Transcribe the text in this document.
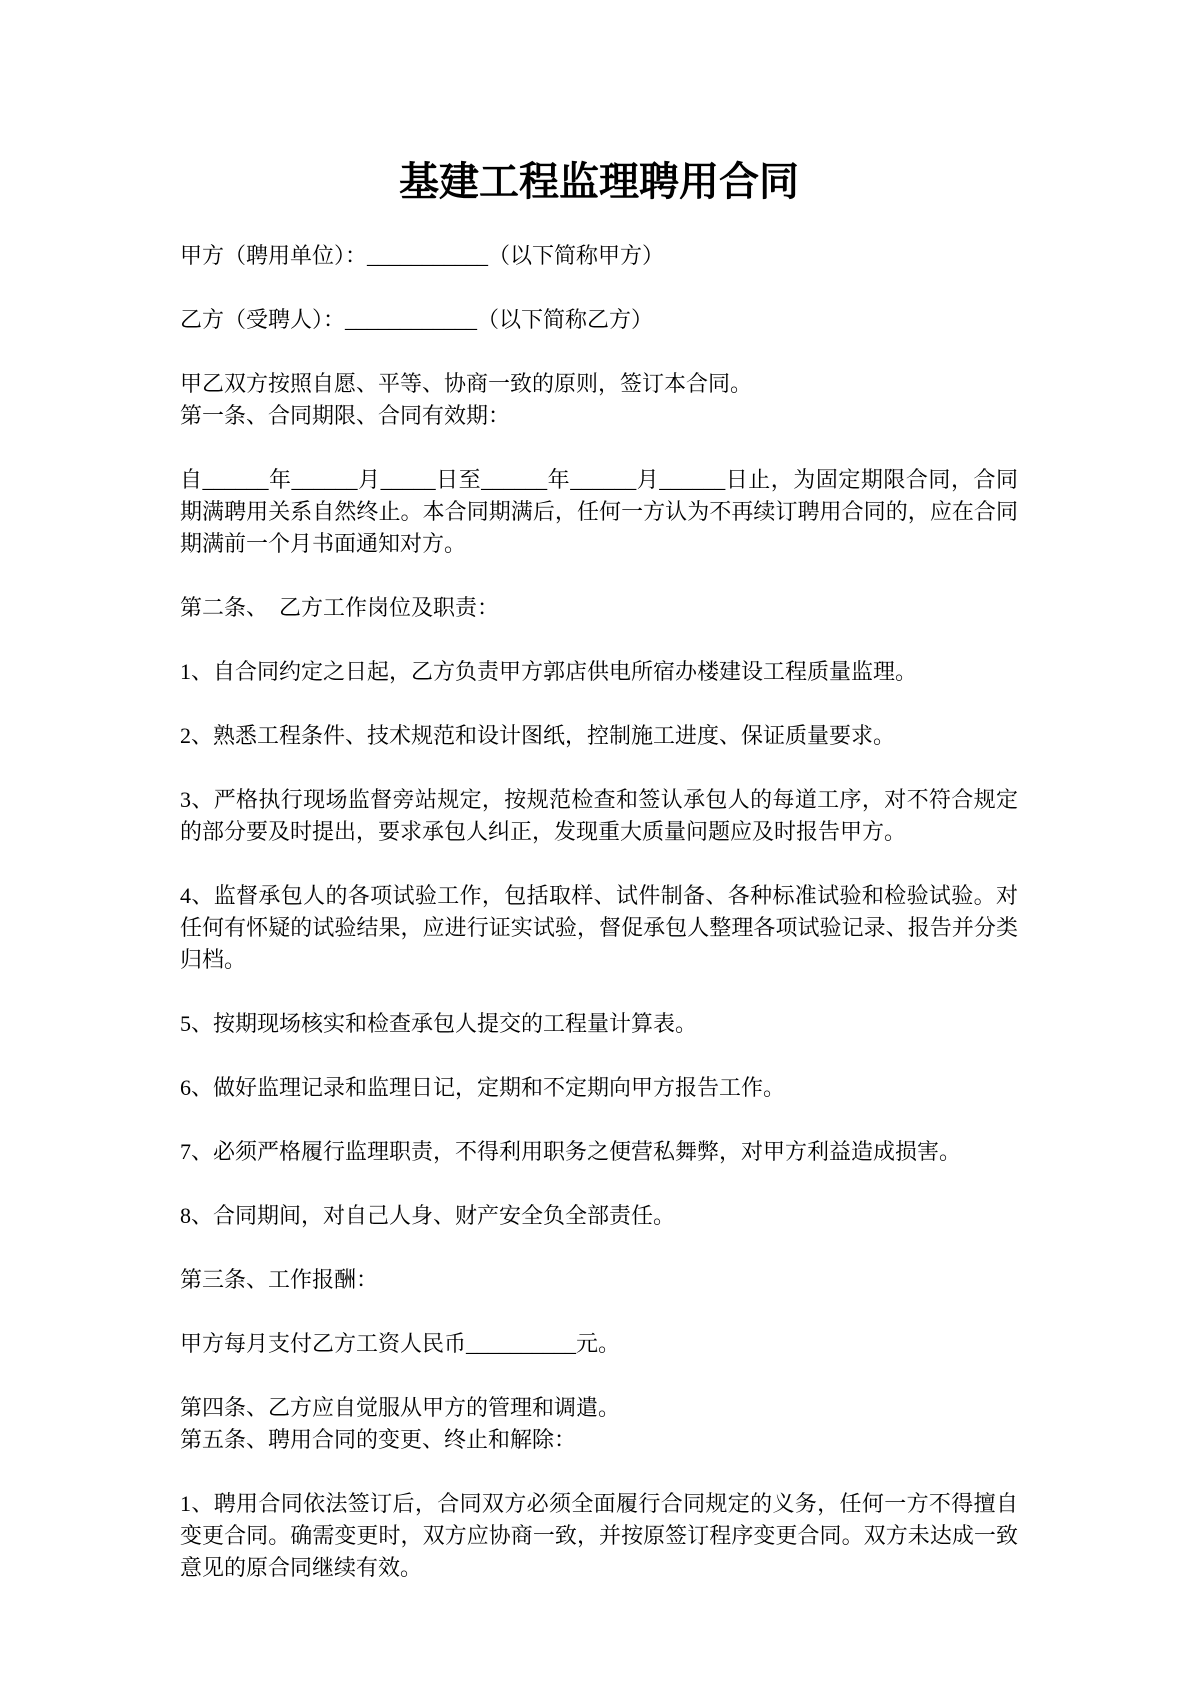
基建工程监理聘用合同

甲方（聘用单位）：___________（以下简称甲方）

乙方（受聘人）：____________（以下简称乙方）

甲乙双方按照自愿、平等、协商一致的原则，签订本合同。

第一条、合同期限、合同有效期：

自______年______月_____日至______年______月______日止，为固定期限合同，合同期满聘用关系自然终止。本合同期满后，任何一方认为不再续订聘用合同的，应在合同期满前一个月书面通知对方。

第二条、　乙方工作岗位及职责：

1、自合同约定之日起，乙方负责甲方郭店供电所宿办楼建设工程质量监理。

2、熟悉工程条件、技术规范和设计图纸，控制施工进度、保证质量要求。

3、严格执行现场监督旁站规定，按规范检查和签认承包人的每道工序，对不符合规定的部分要及时提出，要求承包人纠正，发现重大质量问题应及时报告甲方。

4、监督承包人的各项试验工作，包括取样、试件制备、各种标准试验和检验试验。对任何有怀疑的试验结果，应进行证实试验，督促承包人整理各项试验记录、报告并分类归档。

5、按期现场核实和检查承包人提交的工程量计算表。

6、做好监理记录和监理日记，定期和不定期向甲方报告工作。

7、必须严格履行监理职责，不得利用职务之便营私舞弊，对甲方利益造成损害。

8、合同期间，对自己人身、财产安全负全部责任。

第三条、工作报酬：

甲方每月支付乙方工资人民币__________元。

第四条、乙方应自觉服从甲方的管理和调遣。

第五条、聘用合同的变更、终止和解除：

1、聘用合同依法签订后，合同双方必须全面履行合同规定的义务，任何一方不得擅自变更合同。确需变更时，双方应协商一致，并按原签订程序变更合同。双方未达成一致意见的原合同继续有效。
